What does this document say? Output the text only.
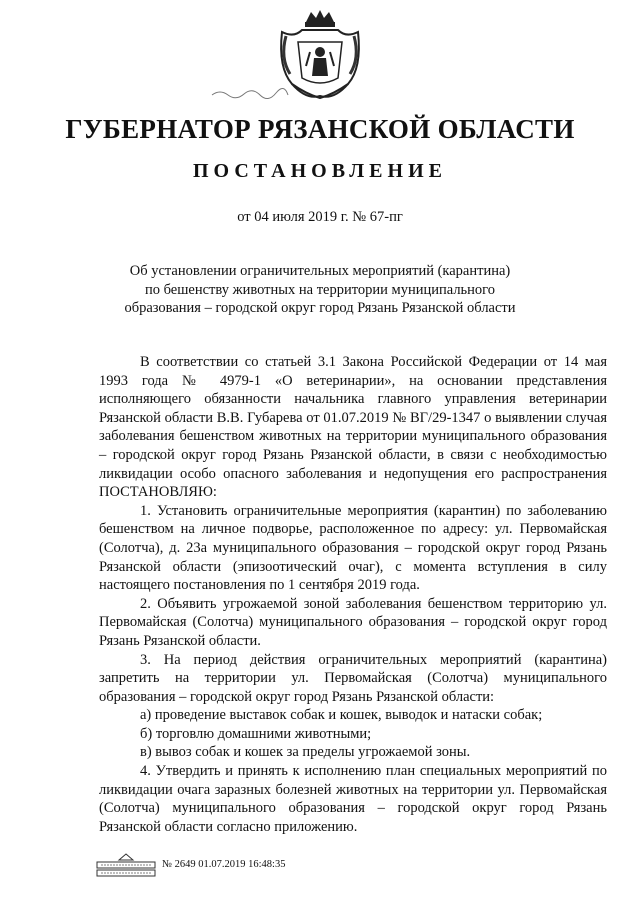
ГУБЕРНАТОР РЯЗАНСКОЙ ОБЛАСТИ
ПОСТАНОВЛЕНИЕ
от 04 июля 2019 г. № 67-пг
Об установлении ограничительных мероприятий (карантина)
по бешенству животных на территории муниципального
образования – городской округ город Рязань Рязанской области

В соответствии со статьей 3.1 Закона Российской Федерации от 14 мая 1993 года № 4979-1 «О ветеринарии», на основании представления исполняющего обязанности начальника главного управления ветеринарии Рязанской области В.В. Губарева от 01.07.2019 № ВГ/29-1347 о выявлении случая заболевания бешенством животных на территории муниципального образования – городской округ город Рязань Рязанской области, в связи с необходимостью ликвидации особо опасного заболевания и недопущения его распространения ПОСТАНОВЛЯЮ:

1. Установить ограничительные мероприятия (карантин) по заболеванию бешенством на личное подворье, расположенное по адресу: ул. Первомайская (Солотча), д. 23а муниципального образования – городской округ город Рязань Рязанской области (эпизоотический очаг), с момента вступления в силу настоящего постановления по 1 сентября 2019 года.

2. Объявить угрожаемой зоной заболевания бешенством территорию ул. Первомайская (Солотча) муниципального образования – городской округ город Рязань Рязанской области.

3. На период действия ограничительных мероприятий (карантина) запретить на территории ул. Первомайская (Солотча) муниципального образования – городской округ город Рязань Рязанской области:

а) проведение выставок собак и кошек, выводок и натаски собак;

б) торговлю домашними животными;

в) вывоз собак и кошек за пределы угрожаемой зоны.

4. Утвердить и принять к исполнению план специальных мероприятий по ликвидации очага заразных болезней животных на территории ул. Первомайская (Солотча) муниципального образования – городской округ город Рязань Рязанской области согласно приложению.

№ 2649 01.07.2019 16:48:35
